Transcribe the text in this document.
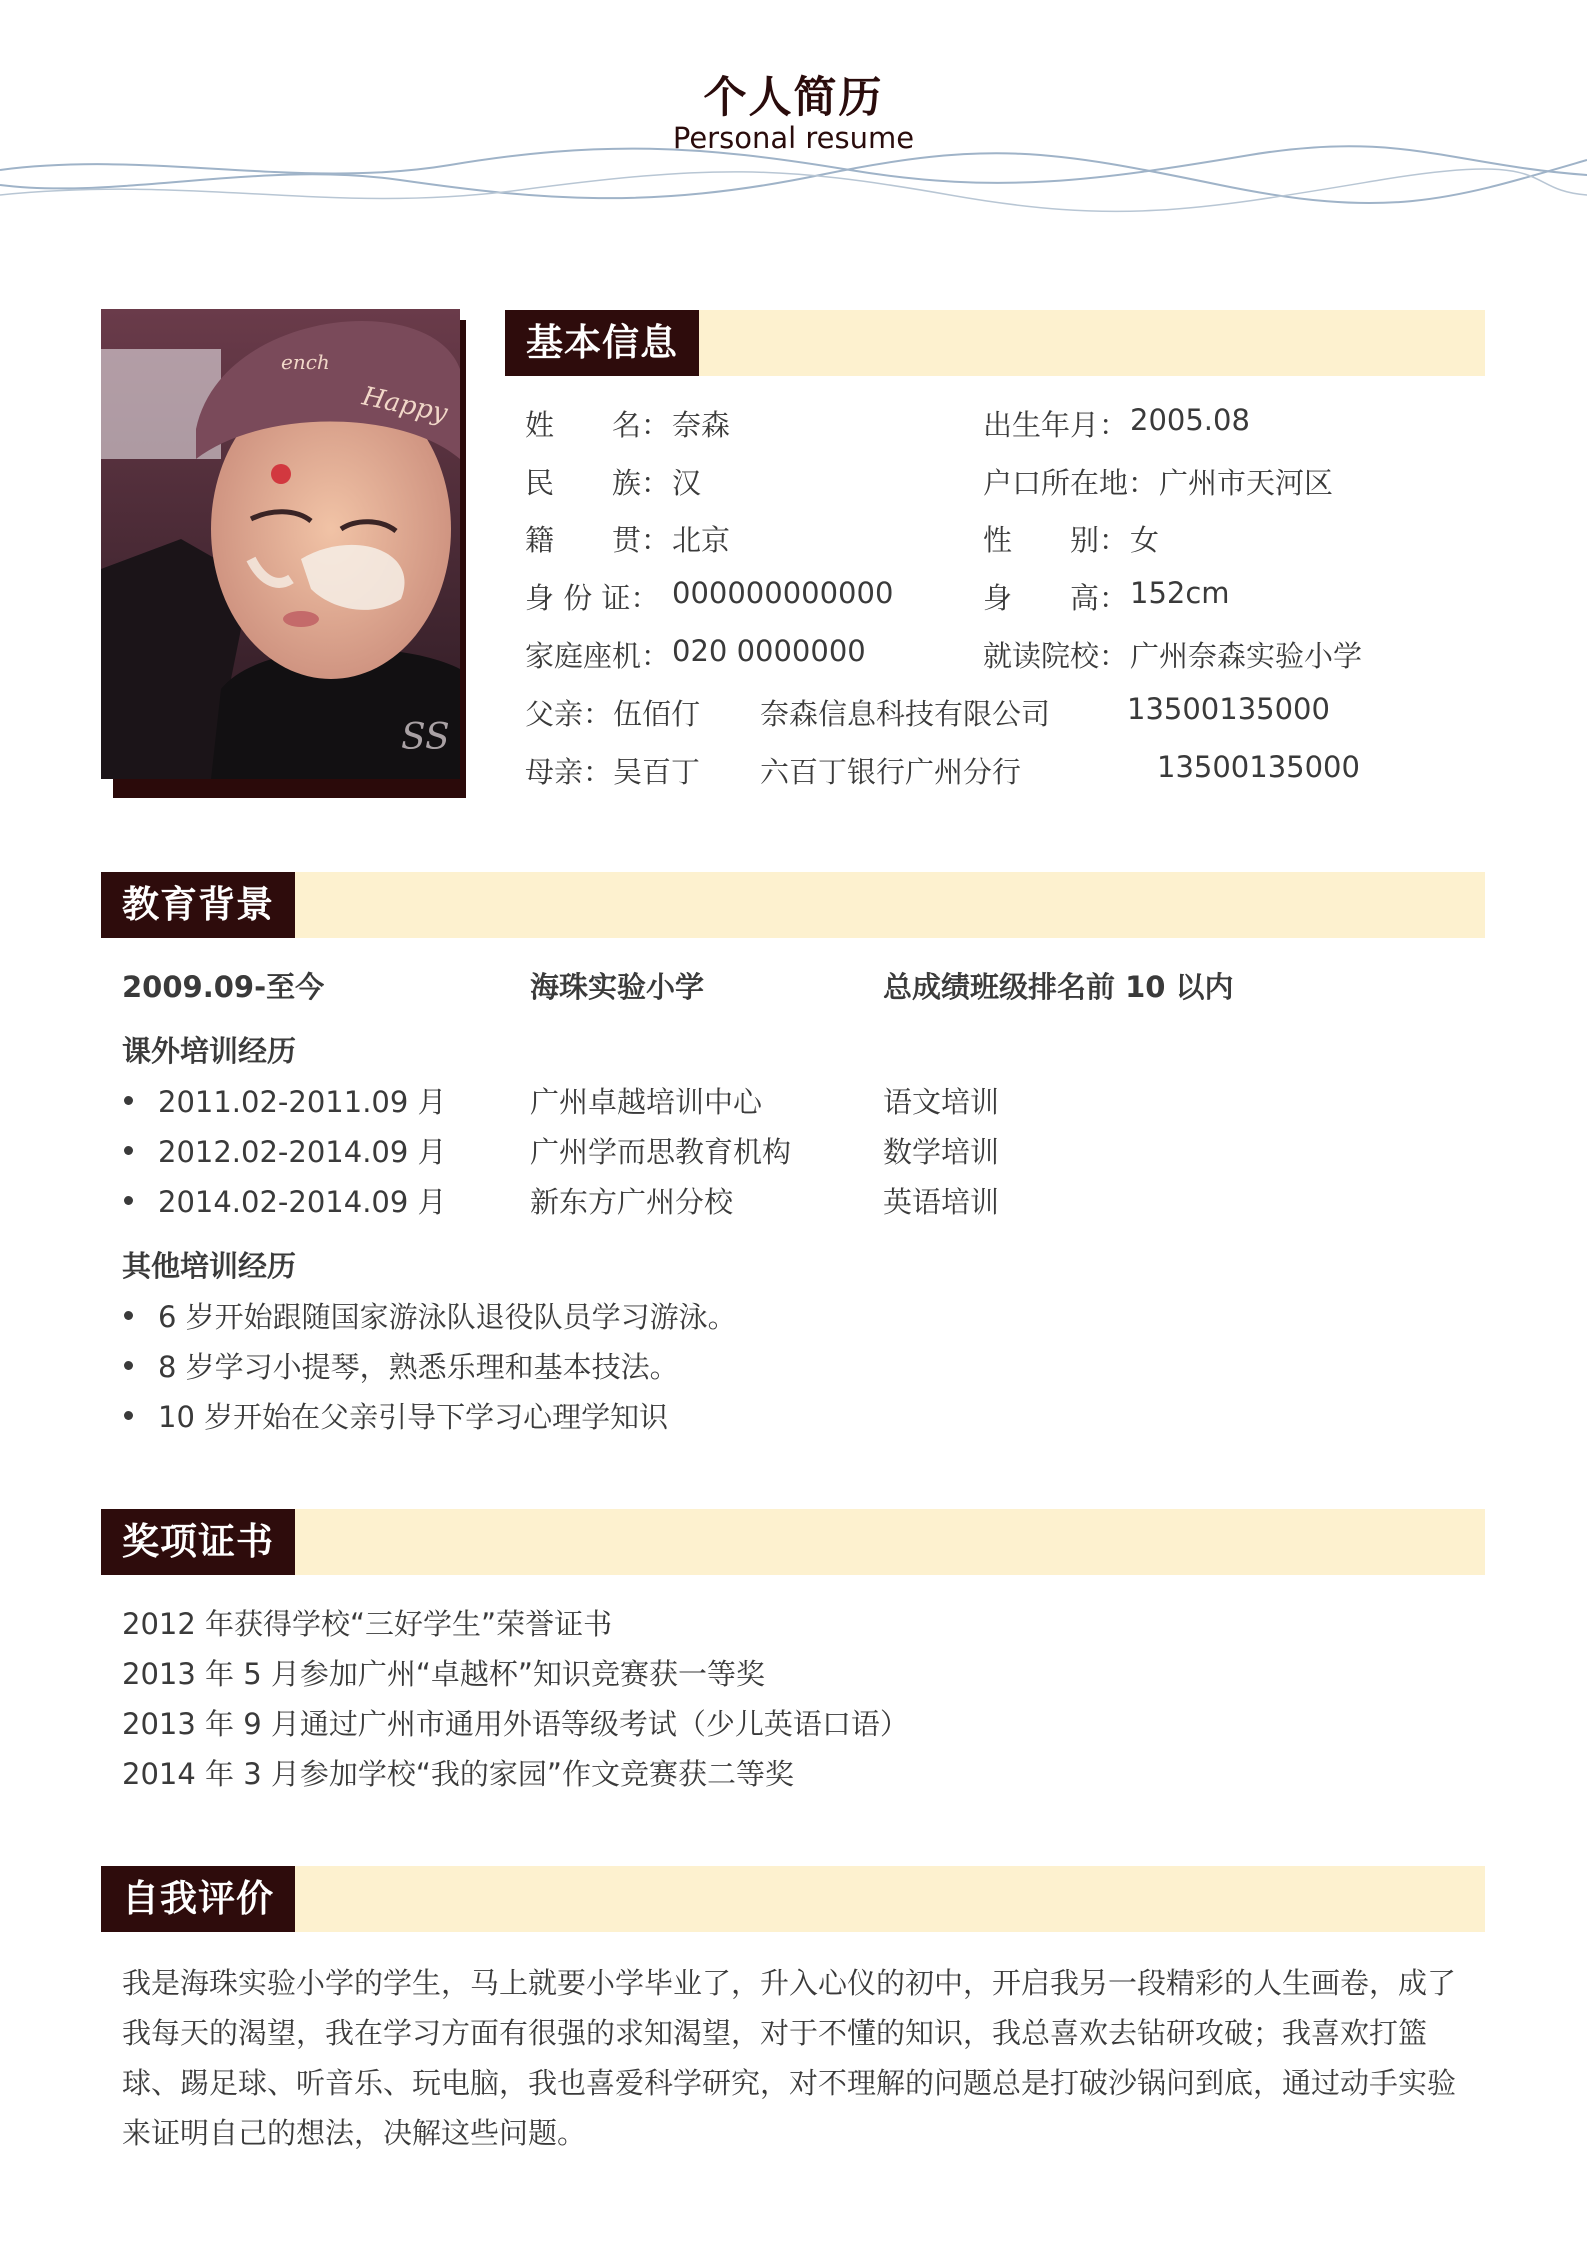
个人简历
Personal resume
Happy
ench
SS
基本信息
姓　　名： 奈森	出生年月： 2005.08
民　　族： 汉	户口所在地： 广州市天河区
籍　　贯： 北京	性　　别： 女
身 份 证： 000000000000	身　　高： 152cm
家庭座机： 020 0000000	就读院校： 广州奈森实验小学
父亲： 伍佰仃 奈森信息科技有限公司	13500135000
母亲： 吴百丁 六百丁银行广州分行	13500135000
教育背景
2009.09-至今	海珠实验小学	总成绩班级排名前 10 以内
课外培训经历
2011.02-2011.09 月	广州卓越培训中心	语文培训
2012.02-2014.09 月	广州学而思教育机构	数学培训
2014.02-2014.09 月	新东方广州分校	英语培训
其他培训经历
6 岁开始跟随国家游泳队退役队员学习游泳。
8 岁学习小提琴，熟悉乐理和基本技法。
10 岁开始在父亲引导下学习心理学知识
奖项证书
2012 年获得学校“三好学生”荣誉证书
2013 年 5 月参加广州“卓越杯”知识竞赛获一等奖
2013 年 9 月通过广州市通用外语等级考试（少儿英语口语）
2014 年 3 月参加学校“我的家园”作文竞赛获二等奖
自我评价
我是海珠实验小学的学生，马上就要小学毕业了，升入心仪的初中，开启我另一段精彩的人生画卷，成了我每天的渴望，我在学习方面有很强的求知渴望，对于不懂的知识，我总喜欢去钻研攻破；我喜欢打篮球、踢足球、听音乐、玩电脑，我也喜爱科学研究，对不理解的问题总是打破沙锅问到底，通过动手实验来证明自己的想法，决解这些问题。
